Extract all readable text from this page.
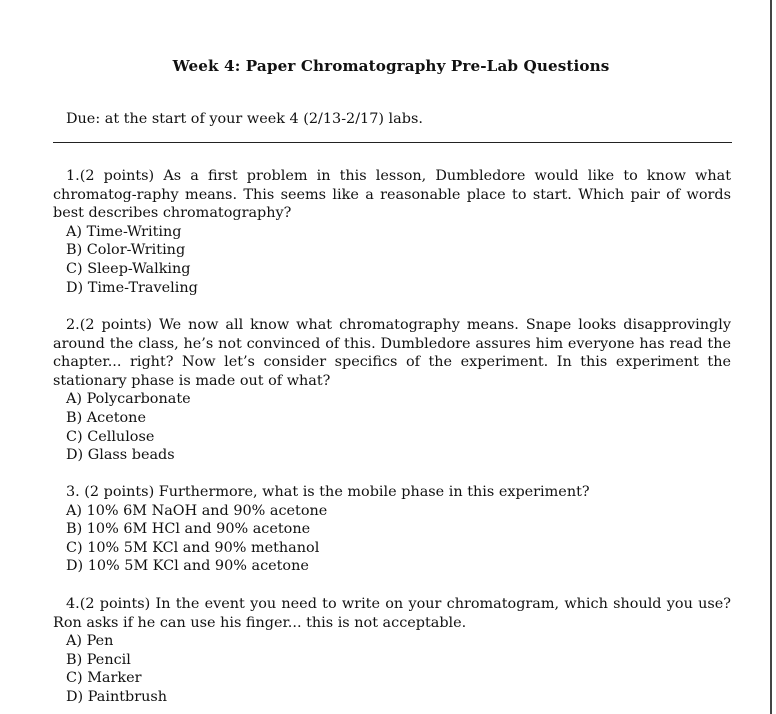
Week 4: Paper Chromatography Pre-Lab Questions
Due: at the start of your week 4 (2/13-2/17) labs.
1.(2 points) As a first problem in this lesson, Dumbledore would like to know what chromatog-raphy means. This seems like a reasonable place to start. Which pair of words best describes chromatography?
A) Time-Writing
B) Color-Writing
C) Sleep-Walking
D) Time-Traveling
2.(2 points) We now all know what chromatography means. Snape looks disapprovingly around the class, he’s not convinced of this. Dumbledore assures him everyone has read the chapter... right? Now let’s consider specifics of the experiment. In this experiment the stationary phase is made out of what?
A) Polycarbonate
B) Acetone
C) Cellulose
D) Glass beads
3. (2 points) Furthermore, what is the mobile phase in this experiment?
A) 10% 6M NaOH and 90% acetone
B) 10% 6M HCl and 90% acetone
C) 10% 5M KCl and 90% methanol
D) 10% 5M KCl and 90% acetone
4.(2 points) In the event you need to write on your chromatogram, which should you use? Ron asks if he can use his finger... this is not acceptable.
A) Pen
B) Pencil
C) Marker
D) Paintbrush
